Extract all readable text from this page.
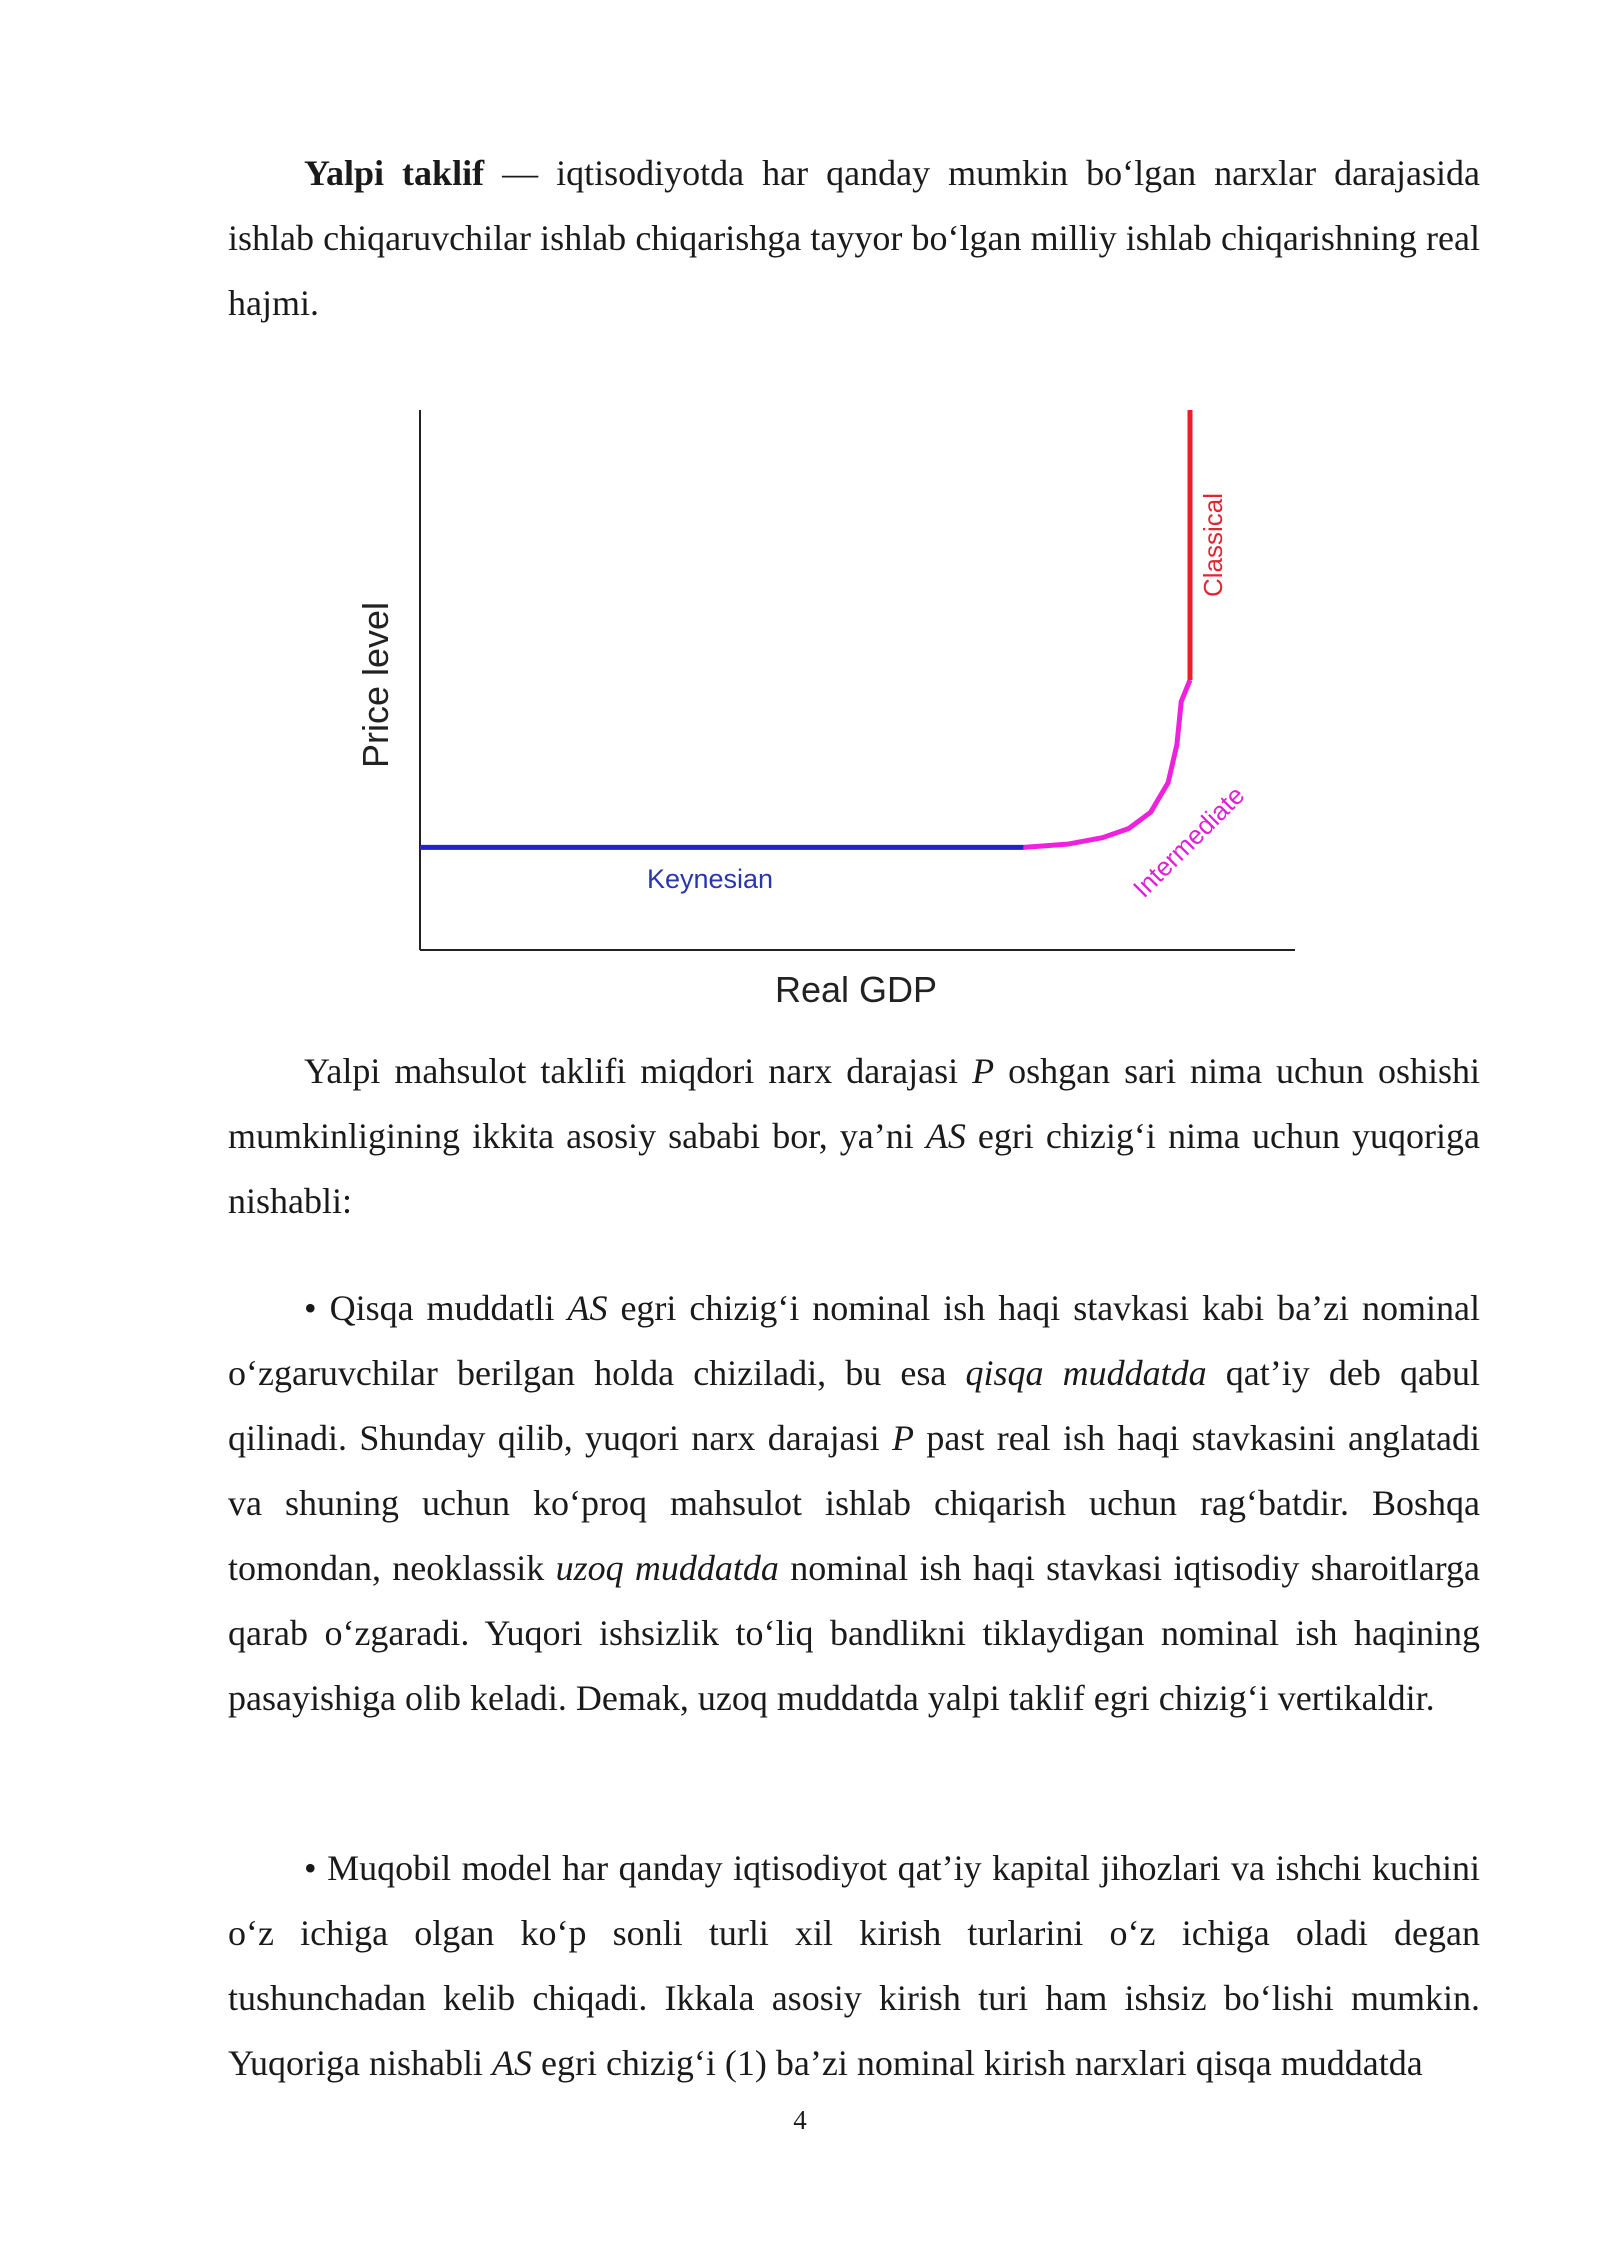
Yalpi taklif — iqtisodiyotda har qanday mumkin bo‘lgan narxlar darajasida ishlab chiqaruvchilar ishlab chiqarishga tayyor bo‘lgan milliy ishlab chiqarishning real hajmi.

Price level
Real GDP
Keynesian	Intermediate
Classical

Yalpi mahsulot taklifi miqdori narx darajasi P oshgan sari nima uchun oshishi mumkinligining ikkita asosiy sababi bor, ya’ni AS egri chizig‘i nima uchun yuqoriga nishabli:

• Qisqa muddatli AS egri chizig‘i nominal ish haqi stavkasi kabi ba’zi nominal o‘zgaruvchilar berilgan holda chiziladi, bu esa qisqa muddatda qat’iy deb qabul qilinadi. Shunday qilib, yuqori narx darajasi P past real ish haqi stavkasini anglatadi va shuning uchun ko‘proq mahsulot ishlab chiqarish uchun rag‘batdir. Boshqa tomondan, neoklassik uzoq muddatda nominal ish haqi stavkasi iqtisodiy sharoitlarga qarab o‘zgaradi. Yuqori ishsizlik to‘liq bandlikni tiklaydigan nominal ish haqining pasayishiga olib keladi. Demak, uzoq muddatda yalpi taklif egri chizig‘i vertikaldir.

• Muqobil model har qanday iqtisodiyot qat’iy kapital jihozlari va ishchi kuchini o‘z ichiga olgan ko‘p sonli turli xil kirish turlarini o‘z ichiga oladi degan tushunchadan kelib chiqadi. Ikkala asosiy kirish turi ham ishsiz bo‘lishi mumkin. Yuqoriga nishabli AS egri chizig‘i (1) ba’zi nominal kirish narxlari qisqa muddatda

4
